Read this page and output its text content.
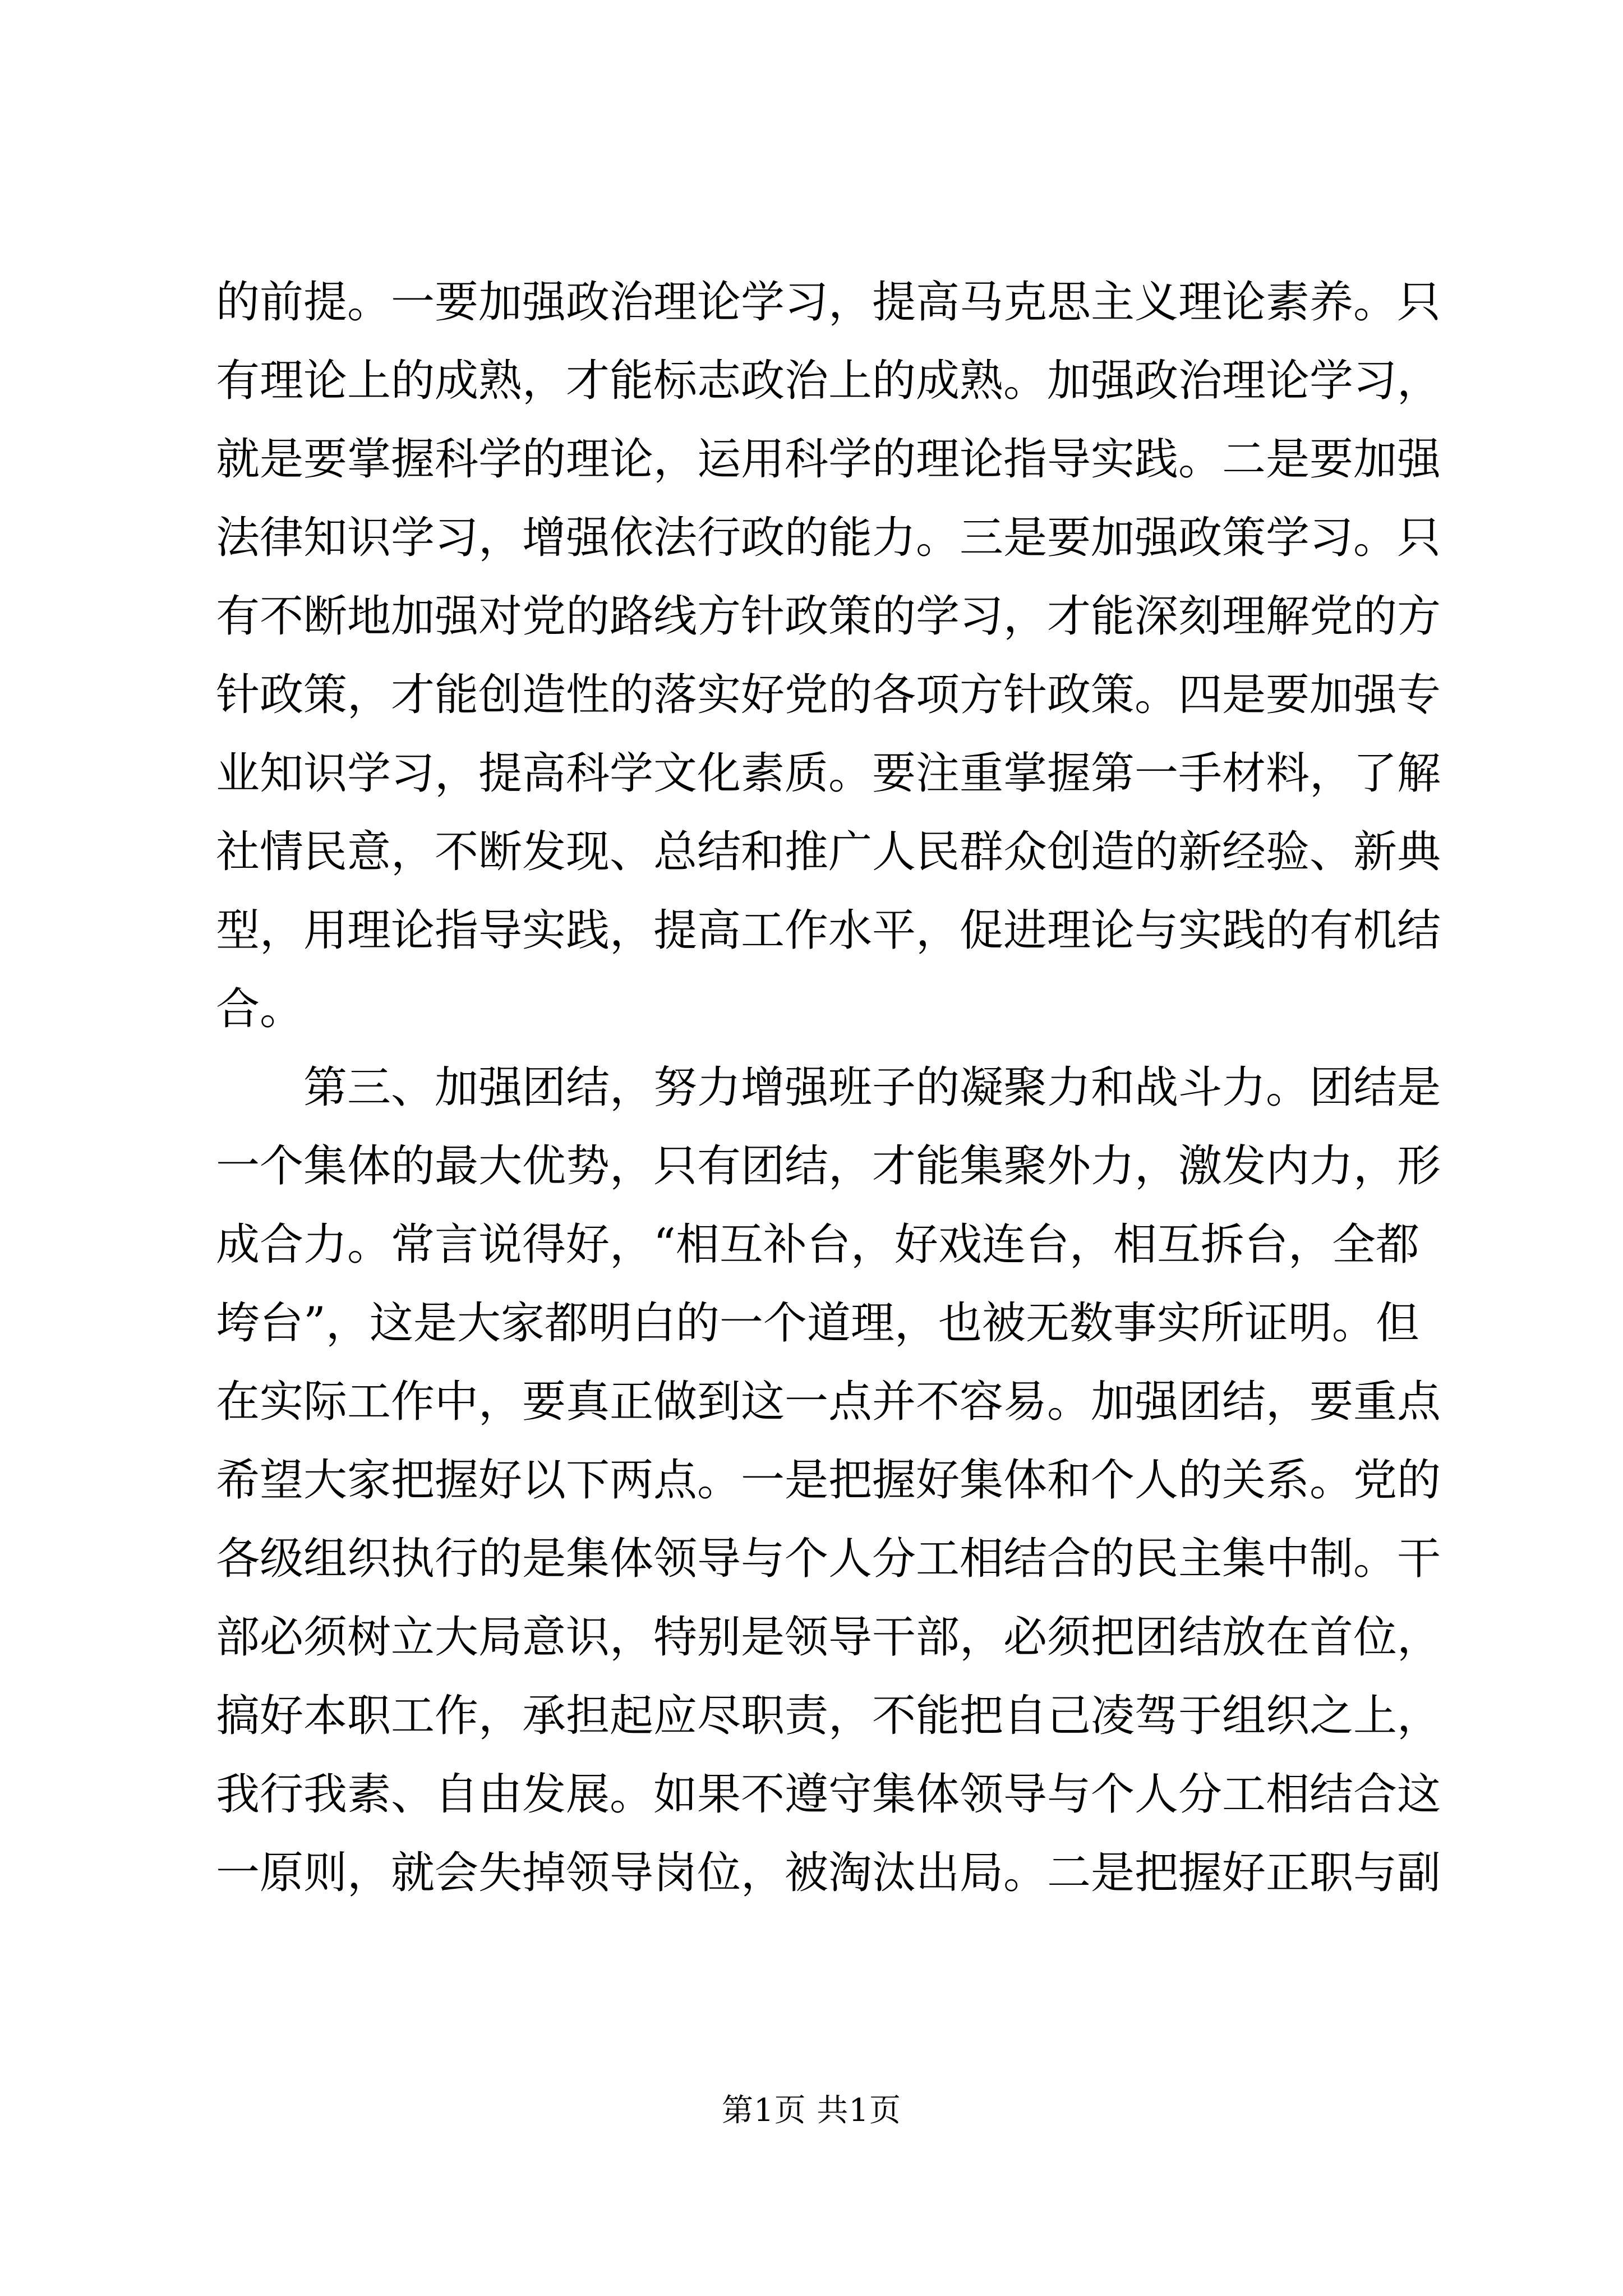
的前提。一要加强政治理论学习，提高马克思主义理论素养。只
有理论上的成熟，才能标志政治上的成熟。加强政治理论学习，
就是要掌握科学的理论，运用科学的理论指导实践。二是要加强
法律知识学习，增强依法行政的能力。三是要加强政策学习。只
有不断地加强对党的路线方针政策的学习，才能深刻理解党的方
针政策，才能创造性的落实好党的各项方针政策。四是要加强专
业知识学习，提高科学文化素质。要注重掌握第一手材料，了解
社情民意，不断发现、总结和推广人民群众创造的新经验、新典
型，用理论指导实践，提高工作水平，促进理论与实践的有机结
合。
第三、加强团结，努力增强班子的凝聚力和战斗力。团结是
一个集体的最大优势，只有团结，才能集聚外力，激发内力，形
成合力。常言说得好，“相互补台，好戏连台，相互拆台，全都
垮台”，这是大家都明白的一个道理，也被无数事实所证明。但
在实际工作中，要真正做到这一点并不容易。加强团结，要重点
希望大家把握好以下两点。一是把握好集体和个人的关系。党的
各级组织执行的是集体领导与个人分工相结合的民主集中制。干
部必须树立大局意识，特别是领导干部，必须把团结放在首位，
搞好本职工作，承担起应尽职责，不能把自己凌驾于组织之上，
我行我素、自由发展。如果不遵守集体领导与个人分工相结合这
一原则，就会失掉领导岗位，被淘汰出局。二是把握好正职与副
第1页 共1页
